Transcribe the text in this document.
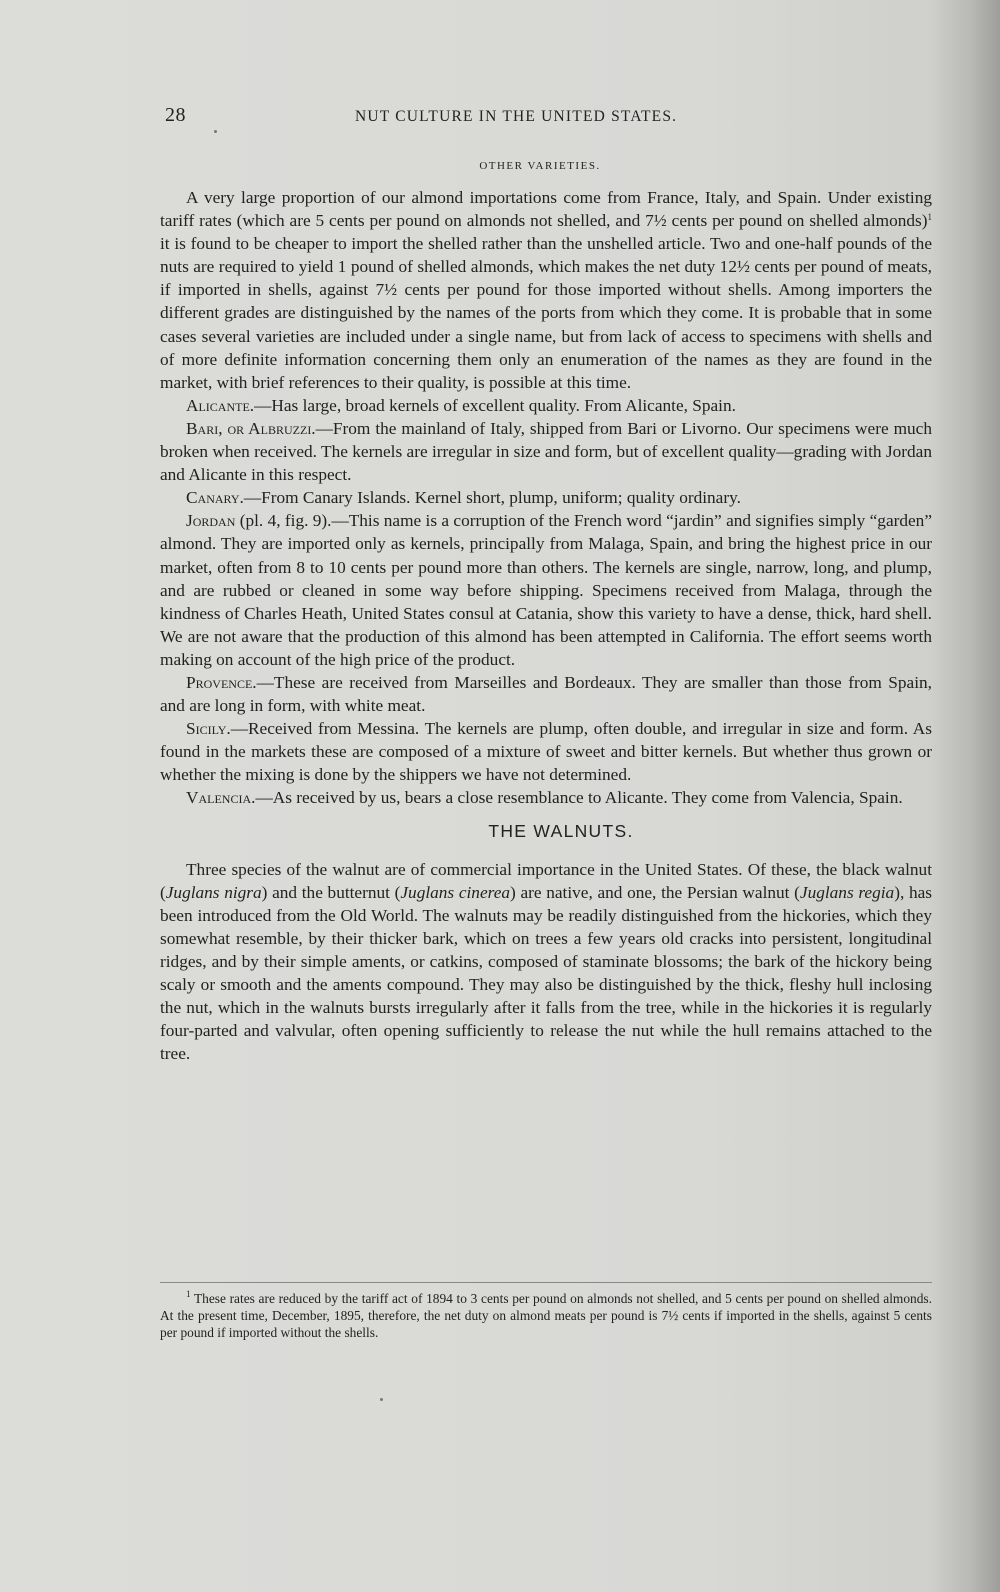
28	NUT CULTURE IN THE UNITED STATES.
OTHER VARIETIES.

A very large proportion of our almond importations come from France, Italy, and Spain. Under existing tariff rates (which are 5 cents per pound on almonds not shelled, and 7½ cents per pound on shelled almonds)$^1$ it is found to be cheaper to import the shelled rather than the unshelled article. Two and one-half pounds of the nuts are required to yield 1 pound of shelled almonds, which makes the net duty 12½ cents per pound of meats, if imported in shells, against 7½ cents per pound for those imported without shells. Among importers the different grades are distinguished by the names of the ports from which they come. It is probable that in some cases several varieties are included under a single name, but from lack of access to specimens with shells and of more definite information concerning them only an enumeration of the names as they are found in the market, with brief references to their quality, is possible at this time.

Alicante.—Has large, broad kernels of excellent quality. From Alicante, Spain.

Bari, or Albruzzi.—From the mainland of Italy, shipped from Bari or Livorno. Our specimens were much broken when received. The kernels are irregular in size and form, but of excellent quality—grading with Jordan and Alicante in this respect.

Canary.—From Canary Islands. Kernel short, plump, uniform; quality ordinary.

Jordan (pl. 4, fig. 9).—This name is a corruption of the French word “jardin” and signifies simply “garden” almond. They are imported only as kernels, principally from Malaga, Spain, and bring the highest price in our market, often from 8 to 10 cents per pound more than others. The kernels are single, narrow, long, and plump, and are rubbed or cleaned in some way before shipping. Specimens received from Malaga, through the kindness of Charles Heath, United States consul at Catania, show this variety to have a dense, thick, hard shell. We are not aware that the production of this almond has been attempted in California. The effort seems worth making on account of the high price of the product.

Provence.—These are received from Marseilles and Bordeaux. They are smaller than those from Spain, and are long in form, with white meat.

Sicily.—Received from Messina. The kernels are plump, often double, and irregular in size and form. As found in the markets these are composed of a mixture of sweet and bitter kernels. But whether thus grown or whether the mixing is done by the shippers we have not determined.

Valencia.—As received by us, bears a close resemblance to Alicante. They come from Valencia, Spain.

THE WALNUTS.

Three species of the walnut are of commercial importance in the United States. Of these, the black walnut (Juglans nigra) and the butternut (Juglans cinerea) are native, and one, the Persian walnut (Juglans regia), has been introduced from the Old World. The walnuts may be readily distinguished from the hickories, which they somewhat resemble, by their thicker bark, which on trees a few years old cracks into persistent, longitudinal ridges, and by their simple aments, or catkins, composed of staminate blossoms; the bark of the hickory being scaly or smooth and the aments compound. They may also be distinguished by the thick, fleshy hull inclosing the nut, which in the walnuts bursts irregularly after it falls from the tree, while in the hickories it is regularly four-parted and valvular, often opening sufficiently to release the nut while the hull remains attached to the tree.

$^1$ These rates are reduced by the tariff act of 1894 to 3 cents per pound on almonds not shelled, and 5 cents per pound on shelled almonds. At the present time, December, 1895, therefore, the net duty on almond meats per pound is 7½ cents if imported in the shells, against 5 cents per pound if imported without the shells.
